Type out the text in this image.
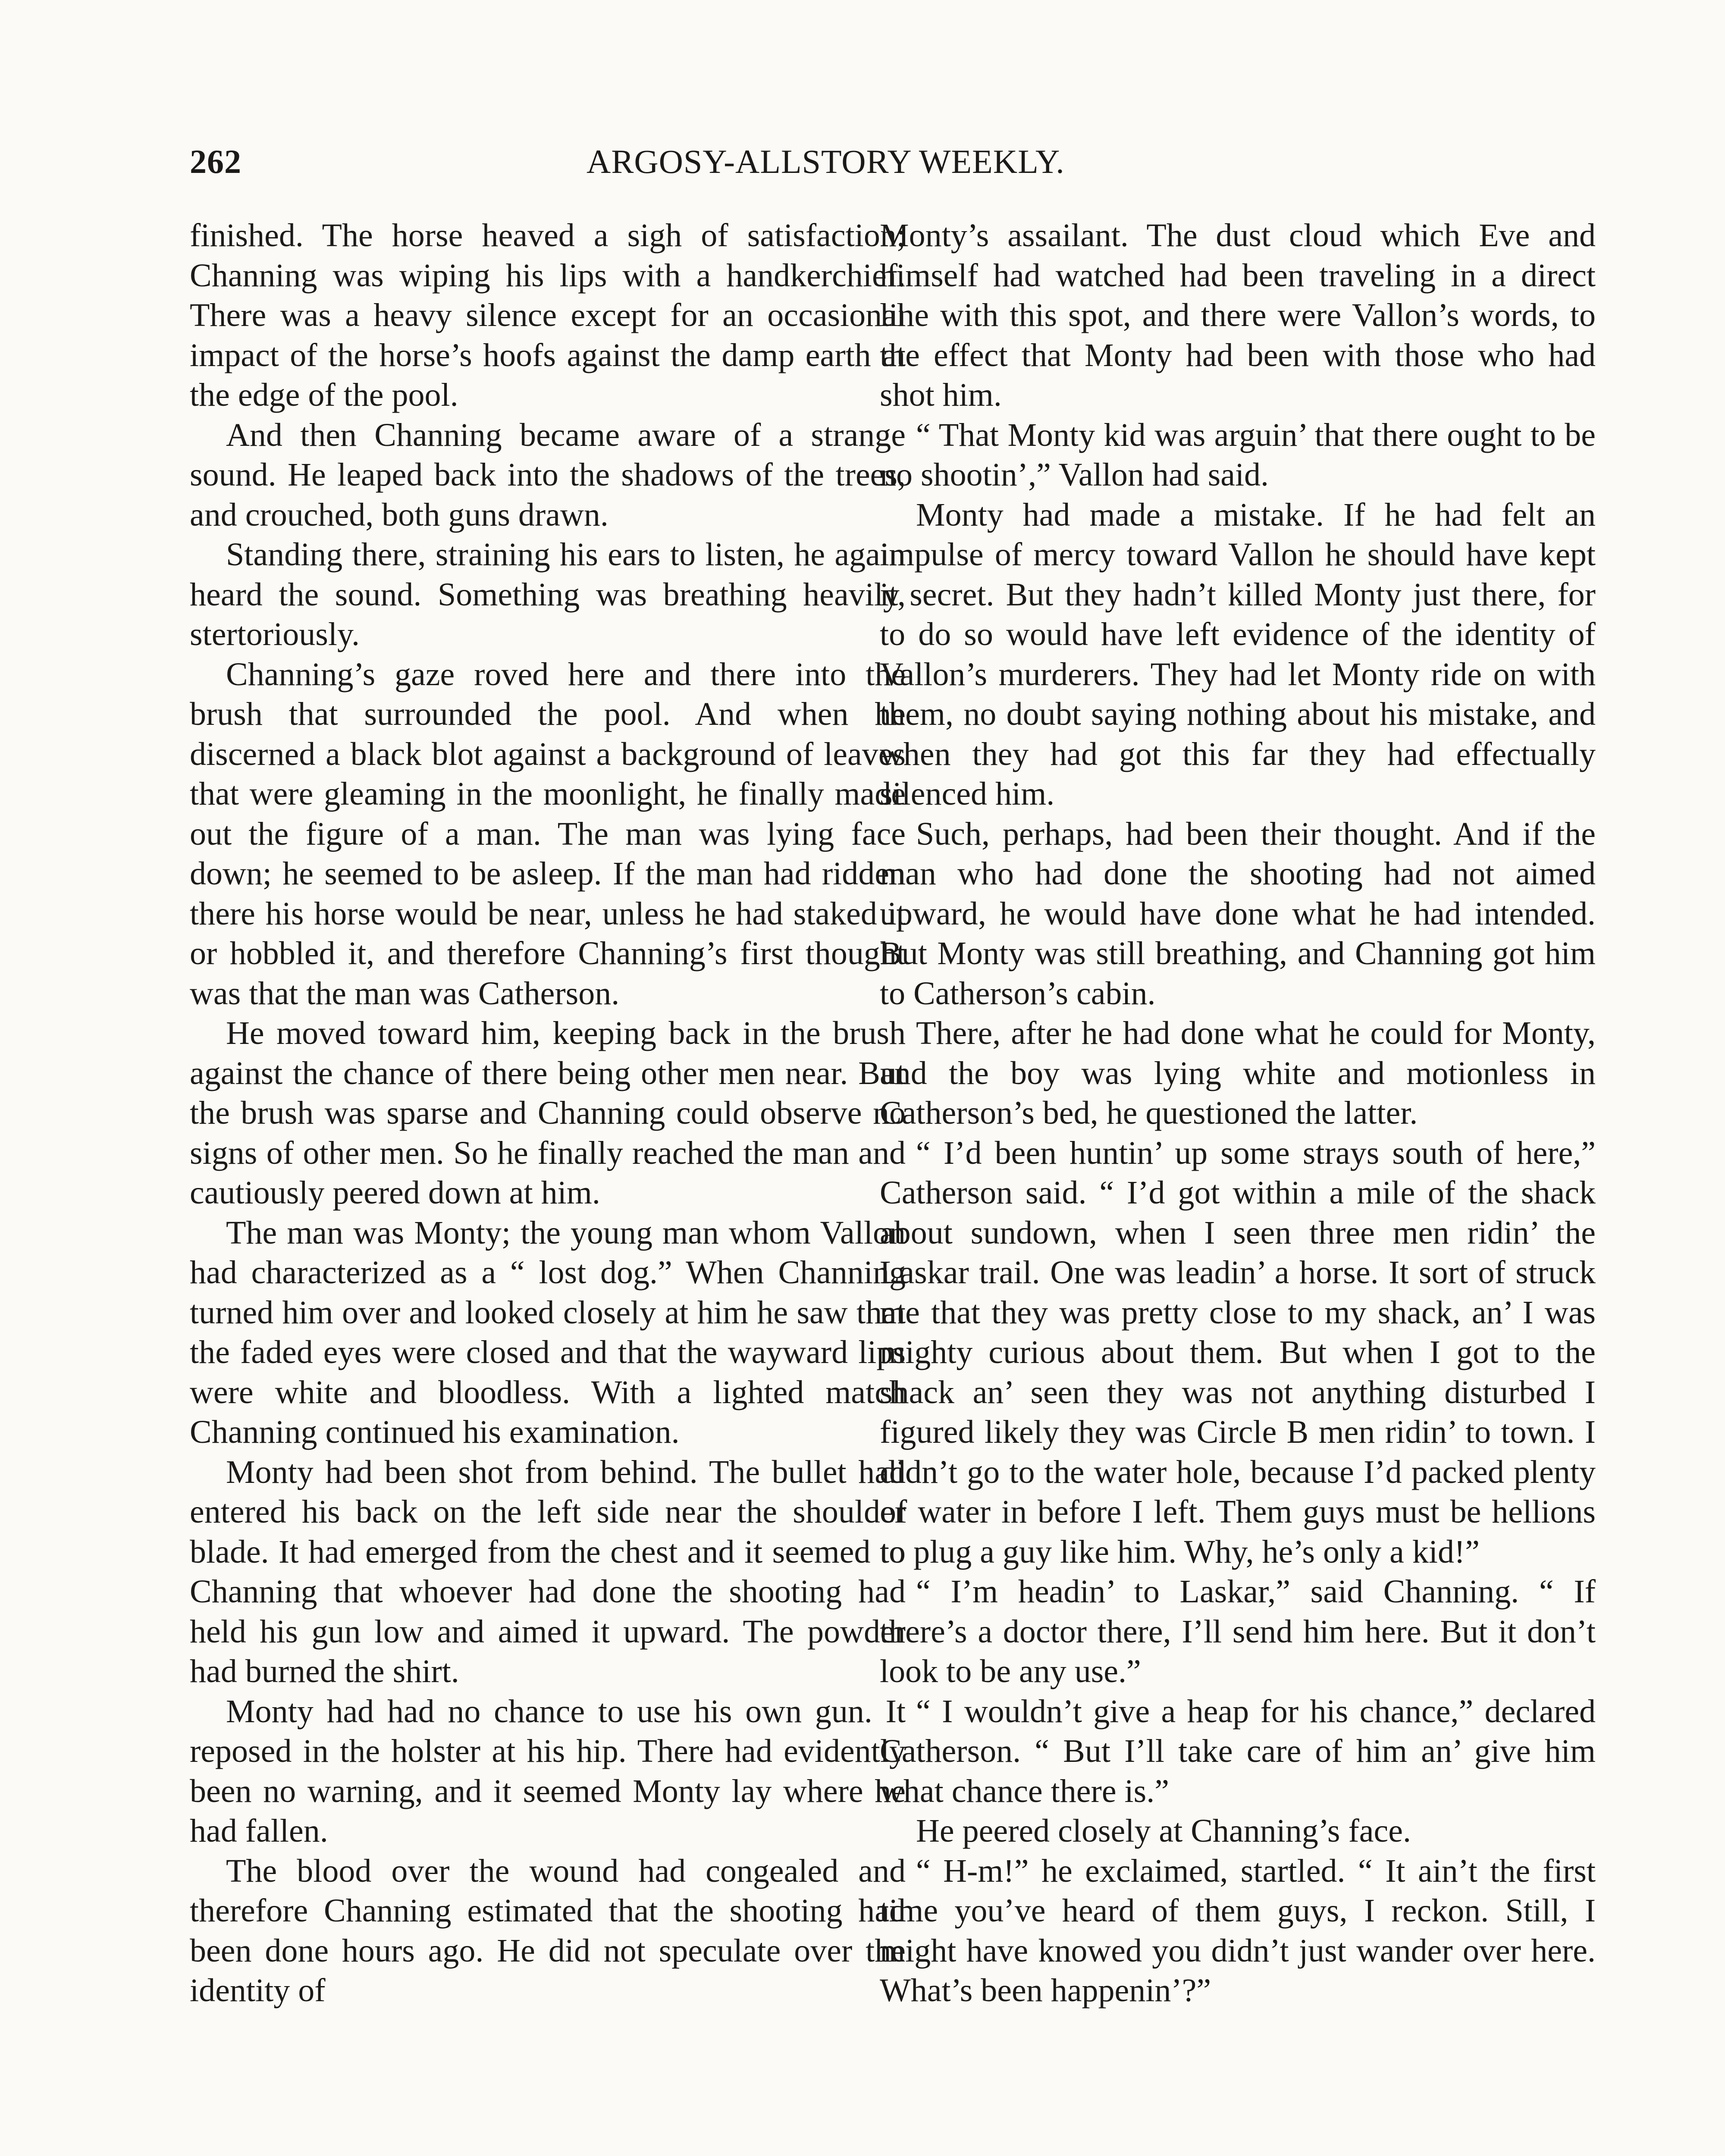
262	ARGOSY-ALLSTORY WEEKLY.

finished. The horse heaved a sigh of satisfaction; Channing was wiping his lips with a handkerchief. There was a heavy silence except for an occasional impact of the horse’s hoofs against the damp earth at the edge of the pool.

And then Channing became aware of a strange sound. He leaped back into the shadows of the trees, and crouched, both guns drawn.

Standing there, straining his ears to listen, he again heard the sound. Something was breathing heavily, stertoriously.

Channing’s gaze roved here and there into the brush that surrounded the pool. And when he discerned a black blot against a background of leaves that were gleaming in the moonlight, he finally made out the figure of a man. The man was lying face down; he seemed to be asleep. If the man had ridden there his horse would be near, unless he had staked it or hobbled it, and therefore Channing’s first thought was that the man was Catherson.

He moved toward him, keeping back in the brush against the chance of there being other men near. But the brush was sparse and Channing could observe no signs of other men. So he finally reached the man and cautiously peered down at him.

The man was Monty; the young man whom Vallon had characterized as a “ lost dog.” When Channing turned him over and looked closely at him he saw that the faded eyes were closed and that the wayward lips were white and bloodless. With a lighted match Channing continued his examination.

Monty had been shot from behind. The bullet had entered his back on the left side near the shoulder blade. It had emerged from the chest and it seemed to Channing that whoever had done the shooting had held his gun low and aimed it upward. The powder had burned the shirt.

Monty had had no chance to use his own gun. It reposed in the holster at his hip. There had evidently been no warning, and it seemed Monty lay where he had fallen.

The blood over the wound had congealed and therefore Channing estimated that the shooting had been done hours ago. He did not speculate over the identity of

Monty’s assailant. The dust cloud which Eve and himself had watched had been traveling in a direct line with this spot, and there were Vallon’s words, to the effect that Monty had been with those who had shot him.

“ That Monty kid was arguin’ that there ought to be no shootin’,” Vallon had said.

Monty had made a mistake. If he had felt an impulse of mercy toward Vallon he should have kept it secret. But they hadn’t killed Monty just there, for to do so would have left evidence of the identity of Vallon’s murderers. They had let Monty ride on with them, no doubt saying nothing about his mistake, and when they had got this far they had effectually silenced him.

Such, perhaps, had been their thought. And if the man who had done the shooting had not aimed upward, he would have done what he had intended. But Monty was still breathing, and Channing got him to Catherson’s cabin.

There, after he had done what he could for Monty, and the boy was lying white and motionless in Catherson’s bed, he questioned the latter.

“ I’d been huntin’ up some strays south of here,” Catherson said. “ I’d got within a mile of the shack about sundown, when I seen three men ridin’ the Laskar trail. One was leadin’ a horse. It sort of struck me that they was pretty close to my shack, an’ I was mighty curious about them. But when I got to the shack an’ seen they was not anything disturbed I figured likely they was Circle B men ridin’ to town. I didn’t go to the water hole, because I’d packed plenty of water in before I left. Them guys must be hellions to plug a guy like him. Why, he’s only a kid!”

“ I’m headin’ to Laskar,” said Channing. “ If there’s a doctor there, I’ll send him here. But it don’t look to be any use.”

“ I wouldn’t give a heap for his chance,” declared Catherson. “ But I’ll take care of him an’ give him what chance there is.”

He peered closely at Channing’s face.

“ H-m!” he exclaimed, startled. “ It ain’t the first time you’ve heard of them guys, I reckon. Still, I might have knowed you didn’t just wander over here. What’s been happenin’?”
